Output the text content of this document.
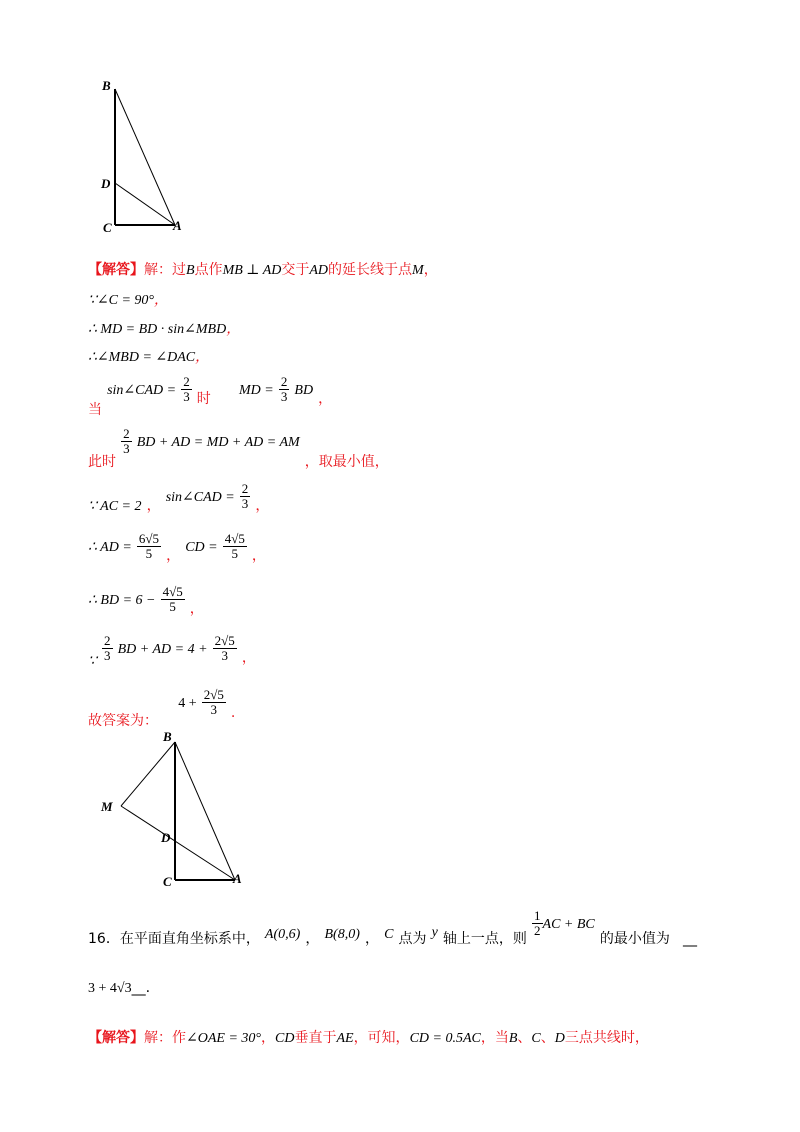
B
D
C	A
【解答】解：过B点作MB ⊥ AD交于AD的延长线于点M，
∵∠C = 90°，
∴ MD = BD · sin∠MBD，
∴∠MBD = ∠DAC，
当 sin∠CAD = $\frac{2}{3}$ 时  MD = $\frac{2}{3}$ BD ，
此时
$\frac{2}{3}$ BD + AD = MD + AD = AM ，取最小值，
∵ AC = 2 ， sin∠CAD = $\frac{2}{3}$ ，
∴ AD = $\frac{6√5}{5}$ ， CD = $\frac{4√5}{5}$ ，
∴ BD = $6 - \frac{4√5}{5}$ ，
∵ $\frac{2}{3}$ BD + AD = $4 + \frac{2√5}{3}$ ，
故答案为：  $4 + \frac{2√5}{3}$ .
B
M
D
C	A
16．在平面直角坐标系中， A(0,6) ， B(8,0) ， C 点为 y 轴上一点，则
$\frac{1}{2}$ AC + BC 的最小值为 __
3 + 4√3__.
【解答】解：作∠OAE = 30°，CD垂直于AE，可知，CD = 0.5AC，当B、C、D三点共线时，
